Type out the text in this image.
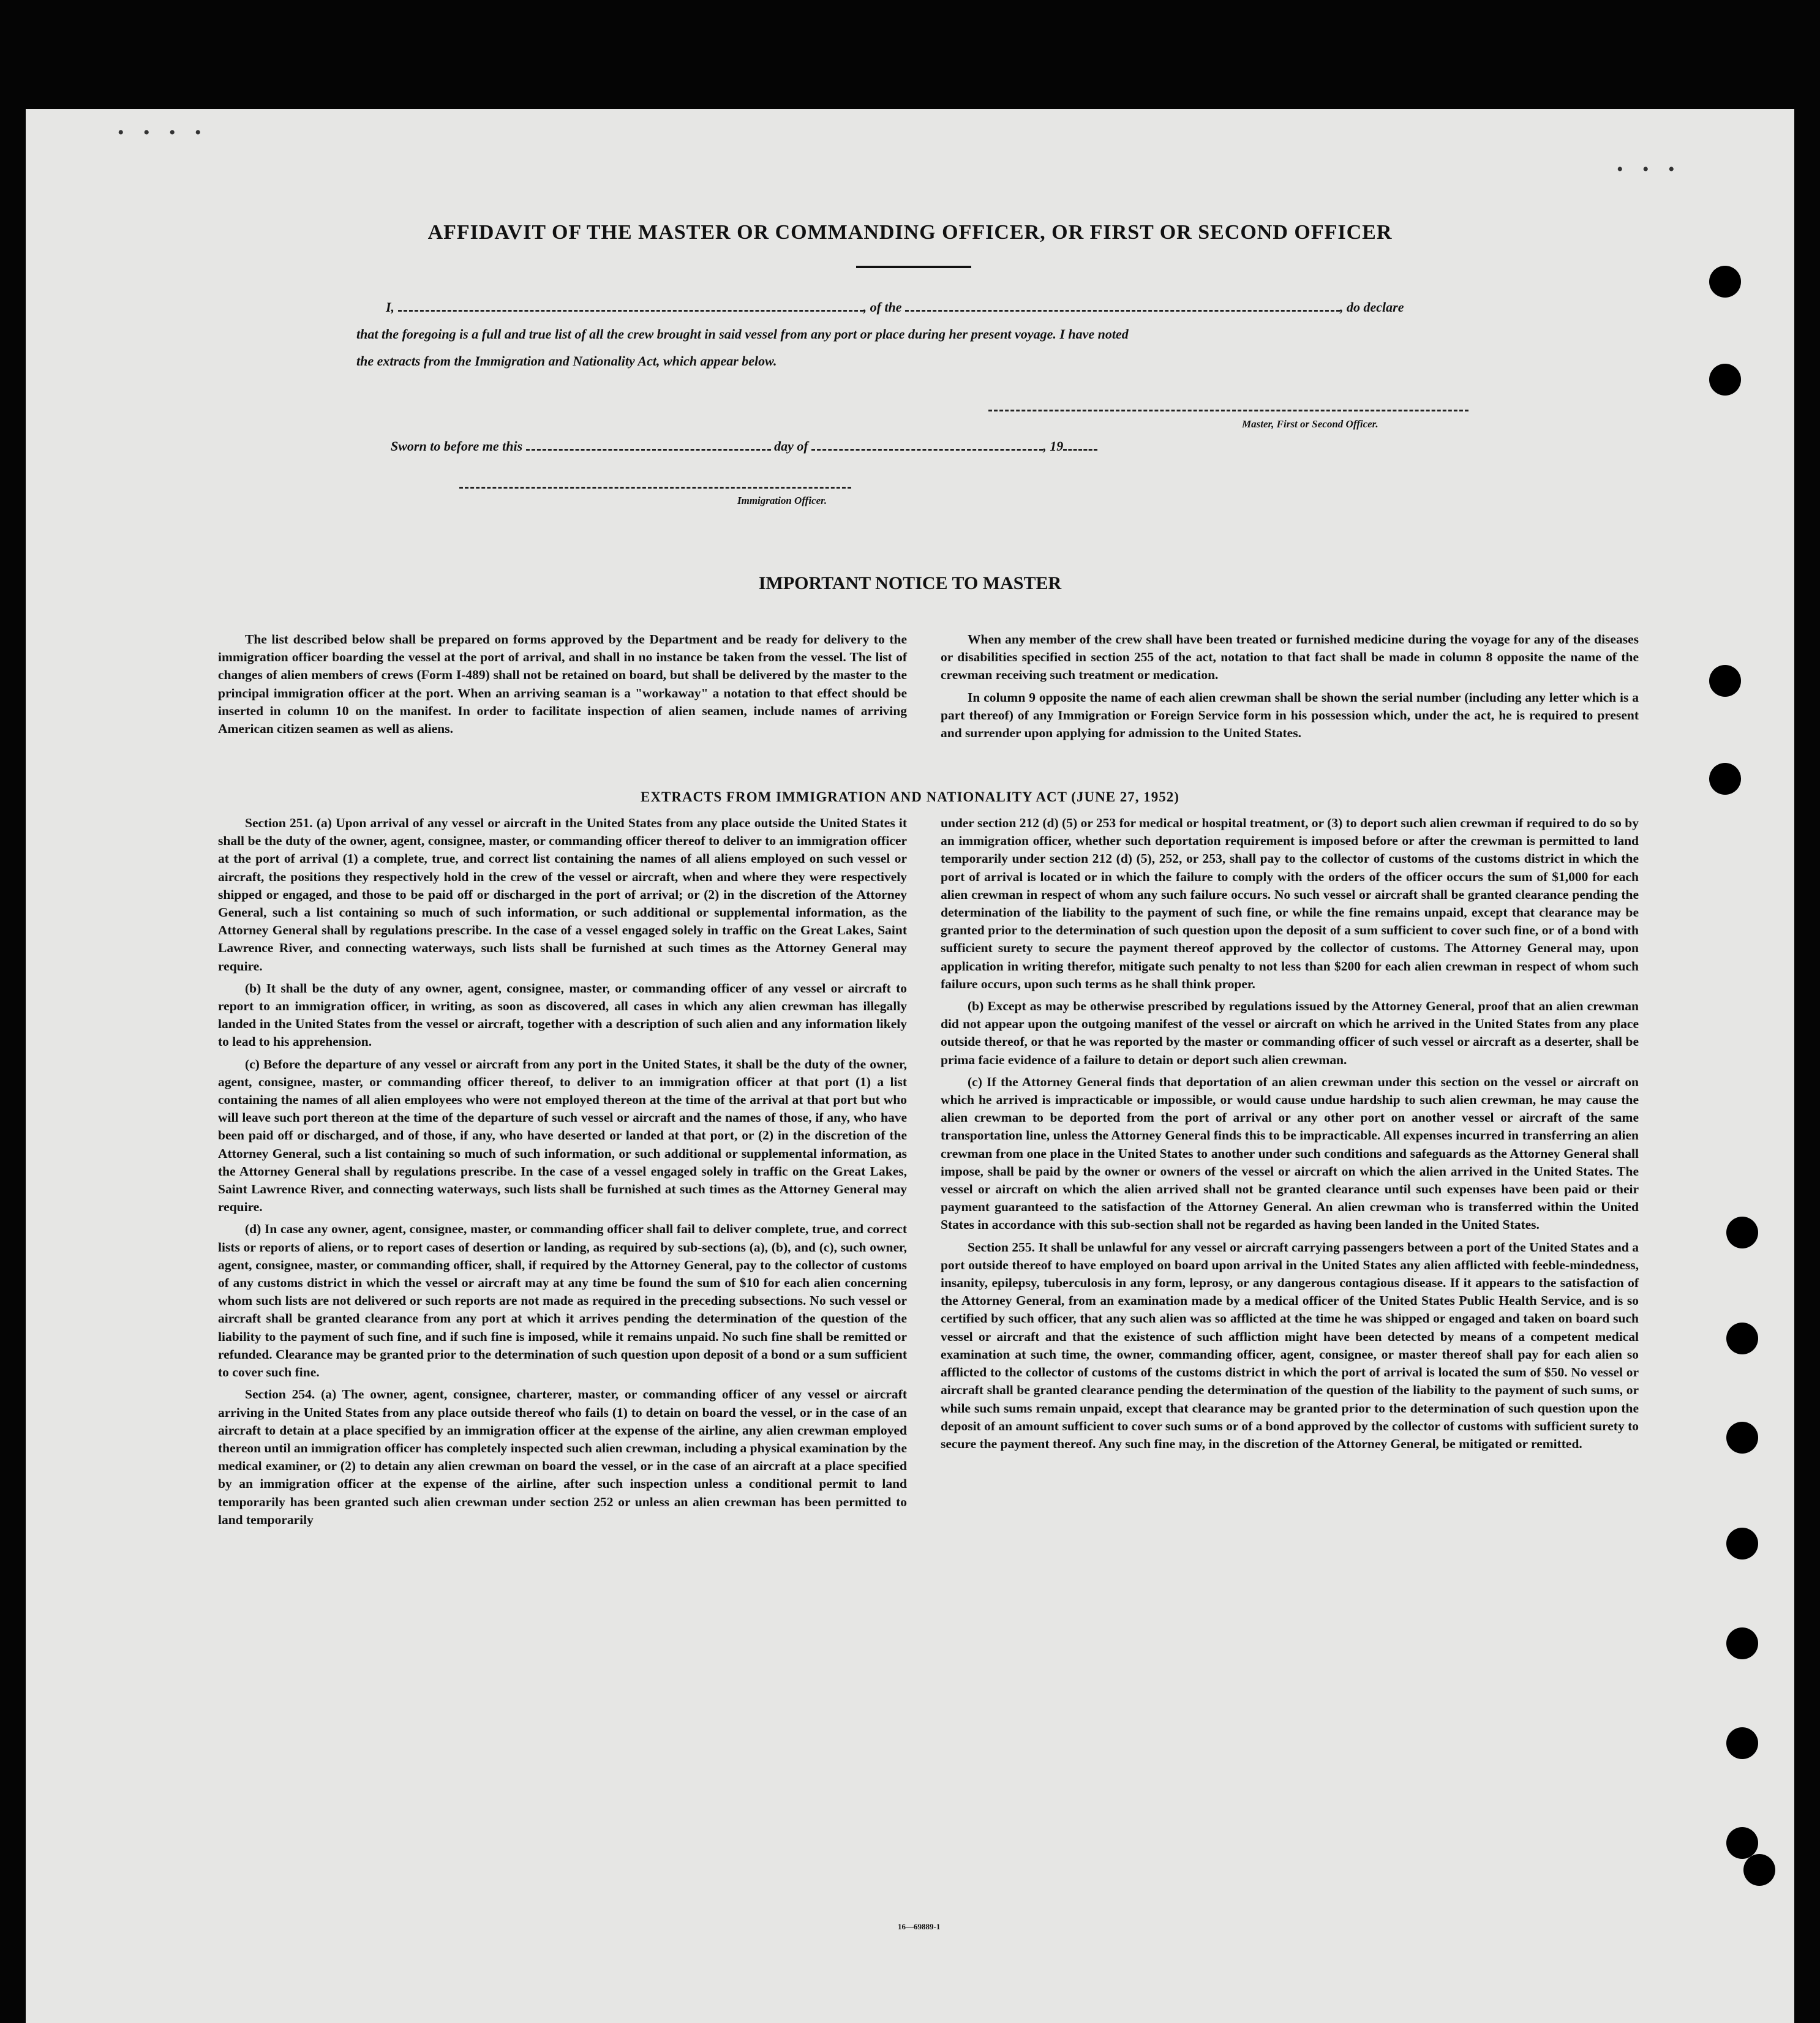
• • • •
• • •
AFFIDAVIT OF THE MASTER OR COMMANDING OFFICER, OR FIRST OR SECOND OFFICER
I,	, of the	, do declare
that the foregoing is a full and true list of all the crew brought in said vessel from any port or place during her present voyage. I have noted
the extracts from the Immigration and Nationality Act, which appear below.
Master, First or Second Officer.
Sworn to before me this	day of	, 19
Immigration Officer.
IMPORTANT NOTICE TO MASTER

The list described below shall be prepared on forms approved by the Department and be ready for delivery to the immigration officer boarding the vessel at the port of arrival, and shall in no instance be taken from the vessel. The list of changes of alien members of crews (Form I-489) shall not be retained on board, but shall be delivered by the master to the principal immigration officer at the port. When an arriving seaman is a "workaway" a notation to that effect should be inserted in column 10 on the manifest. In order to facilitate inspection of alien seamen, include names of arriving American citizen seamen as well as aliens.

When any member of the crew shall have been treated or furnished medicine during the voyage for any of the diseases or disabilities specified in section 255 of the act, notation to that fact shall be made in column 8 opposite the name of the crewman receiving such treatment or medication.

In column 9 opposite the name of each alien crewman shall be shown the serial number (including any letter which is a part thereof) of any Immigration or Foreign Service form in his possession which, under the act, he is required to present and surrender upon applying for admission to the United States.

EXTRACTS FROM IMMIGRATION AND NATIONALITY ACT (JUNE 27, 1952)

Section 251. (a) Upon arrival of any vessel or aircraft in the United States from any place outside the United States it shall be the duty of the owner, agent, consignee, master, or commanding officer thereof to deliver to an immigration officer at the port of arrival (1) a complete, true, and correct list containing the names of all aliens employed on such vessel or aircraft, the positions they respectively hold in the crew of the vessel or aircraft, when and where they were respectively shipped or engaged, and those to be paid off or discharged in the port of arrival; or (2) in the discretion of the Attorney General, such a list containing so much of such information, or such additional or supplemental information, as the Attorney General shall by regulations prescribe. In the case of a vessel engaged solely in traffic on the Great Lakes, Saint Lawrence River, and connecting waterways, such lists shall be furnished at such times as the Attorney General may require.

(b) It shall be the duty of any owner, agent, consignee, master, or commanding officer of any vessel or aircraft to report to an immigration officer, in writing, as soon as discovered, all cases in which any alien crewman has illegally landed in the United States from the vessel or aircraft, together with a description of such alien and any information likely to lead to his apprehension.

(c) Before the departure of any vessel or aircraft from any port in the United States, it shall be the duty of the owner, agent, consignee, master, or commanding officer thereof, to deliver to an immigration officer at that port (1) a list containing the names of all alien employees who were not employed thereon at the time of the arrival at that port but who will leave such port thereon at the time of the departure of such vessel or aircraft and the names of those, if any, who have been paid off or discharged, and of those, if any, who have deserted or landed at that port, or (2) in the discretion of the Attorney General, such a list containing so much of such information, or such additional or supplemental information, as the Attorney General shall by regulations prescribe. In the case of a vessel engaged solely in traffic on the Great Lakes, Saint Lawrence River, and connecting waterways, such lists shall be furnished at such times as the Attorney General may require.

(d) In case any owner, agent, consignee, master, or commanding officer shall fail to deliver complete, true, and correct lists or reports of aliens, or to report cases of desertion or landing, as required by sub-sections (a), (b), and (c), such owner, agent, consignee, master, or commanding officer, shall, if required by the Attorney General, pay to the collector of customs of any customs district in which the vessel or aircraft may at any time be found the sum of $10 for each alien concerning whom such lists are not delivered or such reports are not made as required in the preceding subsections. No such vessel or aircraft shall be granted clearance from any port at which it arrives pending the determination of the question of the liability to the payment of such fine, and if such fine is imposed, while it remains unpaid. No such fine shall be remitted or refunded. Clearance may be granted prior to the determination of such question upon deposit of a bond or a sum sufficient to cover such fine.

Section 254. (a) The owner, agent, consignee, charterer, master, or commanding officer of any vessel or aircraft arriving in the United States from any place outside thereof who fails (1) to detain on board the vessel, or in the case of an aircraft to detain at a place specified by an immigration officer at the expense of the airline, any alien crewman employed thereon until an immigration officer has completely inspected such alien crewman, including a physical examination by the medical examiner, or (2) to detain any alien crewman on board the vessel, or in the case of an aircraft at a place specified by an immigration officer at the expense of the airline, after such inspection unless a conditional permit to land temporarily has been granted such alien crewman under section 252 or unless an alien crewman has been permitted to land temporarily

under section 212 (d) (5) or 253 for medical or hospital treatment, or (3) to deport such alien crewman if required to do so by an immigration officer, whether such deportation requirement is imposed before or after the crewman is permitted to land temporarily under section 212 (d) (5), 252, or 253, shall pay to the collector of customs of the customs district in which the port of arrival is located or in which the failure to comply with the orders of the officer occurs the sum of $1,000 for each alien crewman in respect of whom any such failure occurs. No such vessel or aircraft shall be granted clearance pending the determination of the liability to the payment of such fine, or while the fine remains unpaid, except that clearance may be granted prior to the determination of such question upon the deposit of a sum sufficient to cover such fine, or of a bond with sufficient surety to secure the payment thereof approved by the collector of customs. The Attorney General may, upon application in writing therefor, mitigate such penalty to not less than $200 for each alien crewman in respect of whom such failure occurs, upon such terms as he shall think proper.

(b) Except as may be otherwise prescribed by regulations issued by the Attorney General, proof that an alien crewman did not appear upon the outgoing manifest of the vessel or aircraft on which he arrived in the United States from any place outside thereof, or that he was reported by the master or commanding officer of such vessel or aircraft as a deserter, shall be prima facie evidence of a failure to detain or deport such alien crewman.

(c) If the Attorney General finds that deportation of an alien crewman under this section on the vessel or aircraft on which he arrived is impracticable or impossible, or would cause undue hardship to such alien crewman, he may cause the alien crewman to be deported from the port of arrival or any other port on another vessel or aircraft of the same transportation line, unless the Attorney General finds this to be impracticable. All expenses incurred in transferring an alien crewman from one place in the United States to another under such conditions and safeguards as the Attorney General shall impose, shall be paid by the owner or owners of the vessel or aircraft on which the alien arrived in the United States. The vessel or aircraft on which the alien arrived shall not be granted clearance until such expenses have been paid or their payment guaranteed to the satisfaction of the Attorney General. An alien crewman who is transferred within the United States in accordance with this sub-section shall not be regarded as having been landed in the United States.

Section 255. It shall be unlawful for any vessel or aircraft carrying passengers between a port of the United States and a port outside thereof to have employed on board upon arrival in the United States any alien afflicted with feeble-mindedness, insanity, epilepsy, tuberculosis in any form, leprosy, or any dangerous contagious disease. If it appears to the satisfaction of the Attorney General, from an examination made by a medical officer of the United States Public Health Service, and is so certified by such officer, that any such alien was so afflicted at the time he was shipped or engaged and taken on board such vessel or aircraft and that the existence of such affliction might have been detected by means of a competent medical examination at such time, the owner, commanding officer, agent, consignee, or master thereof shall pay for each alien so afflicted to the collector of customs of the customs district in which the port of arrival is located the sum of $50. No vessel or aircraft shall be granted clearance pending the determination of the question of the liability to the payment of such sums, or while such sums remain unpaid, except that clearance may be granted prior to the determination of such question upon the deposit of an amount sufficient to cover such sums or of a bond approved by the collector of customs with sufficient surety to secure the payment thereof. Any such fine may, in the discretion of the Attorney General, be mitigated or remitted.

16—69889-1
